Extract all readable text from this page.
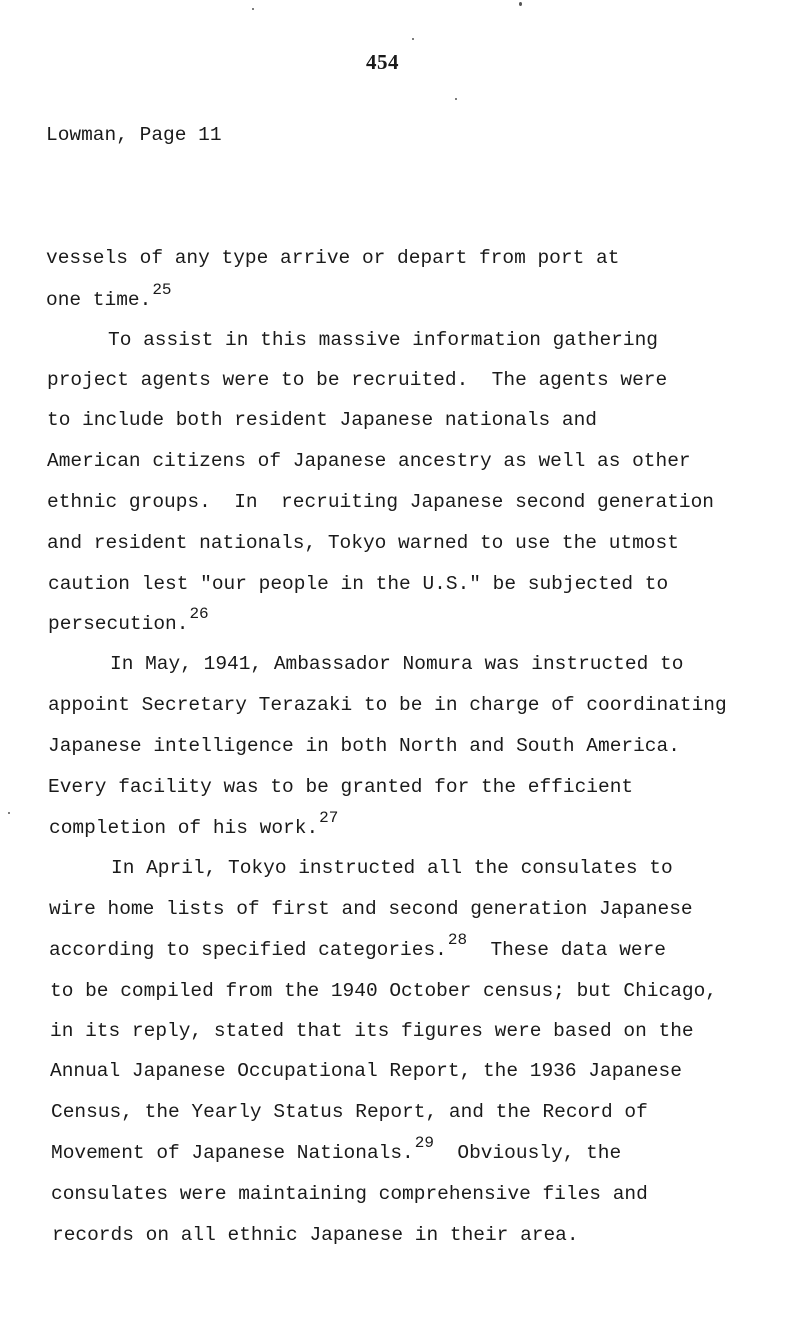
454
Lowman, Page 11
vessels of any type arrive or depart from port at
one time.$^{25}$
To assist in this massive information gathering
project agents were to be recruited.  The agents were
to include both resident Japanese nationals and
American citizens of Japanese ancestry as well as other
ethnic groups.  In  recruiting Japanese second generation
and resident nationals, Tokyo warned to use the utmost
caution lest "our people in the U.S." be subjected to
persecution.$^{26}$
In May, 1941, Ambassador Nomura was instructed to
appoint Secretary Terazaki to be in charge of coordinating
Japanese intelligence in both North and South America.
Every facility was to be granted for the efficient
completion of his work.$^{27}$
In April, Tokyo instructed all the consulates to
wire home lists of first and second generation Japanese
according to specified categories.$^{28}$  These data were
to be compiled from the 1940 October census; but Chicago,
in its reply, stated that its figures were based on the
Annual Japanese Occupational Report, the 1936 Japanese
Census, the Yearly Status Report, and the Record of
Movement of Japanese Nationals.$^{29}$  Obviously, the
consulates were maintaining comprehensive files and
records on all ethnic Japanese in their area.
